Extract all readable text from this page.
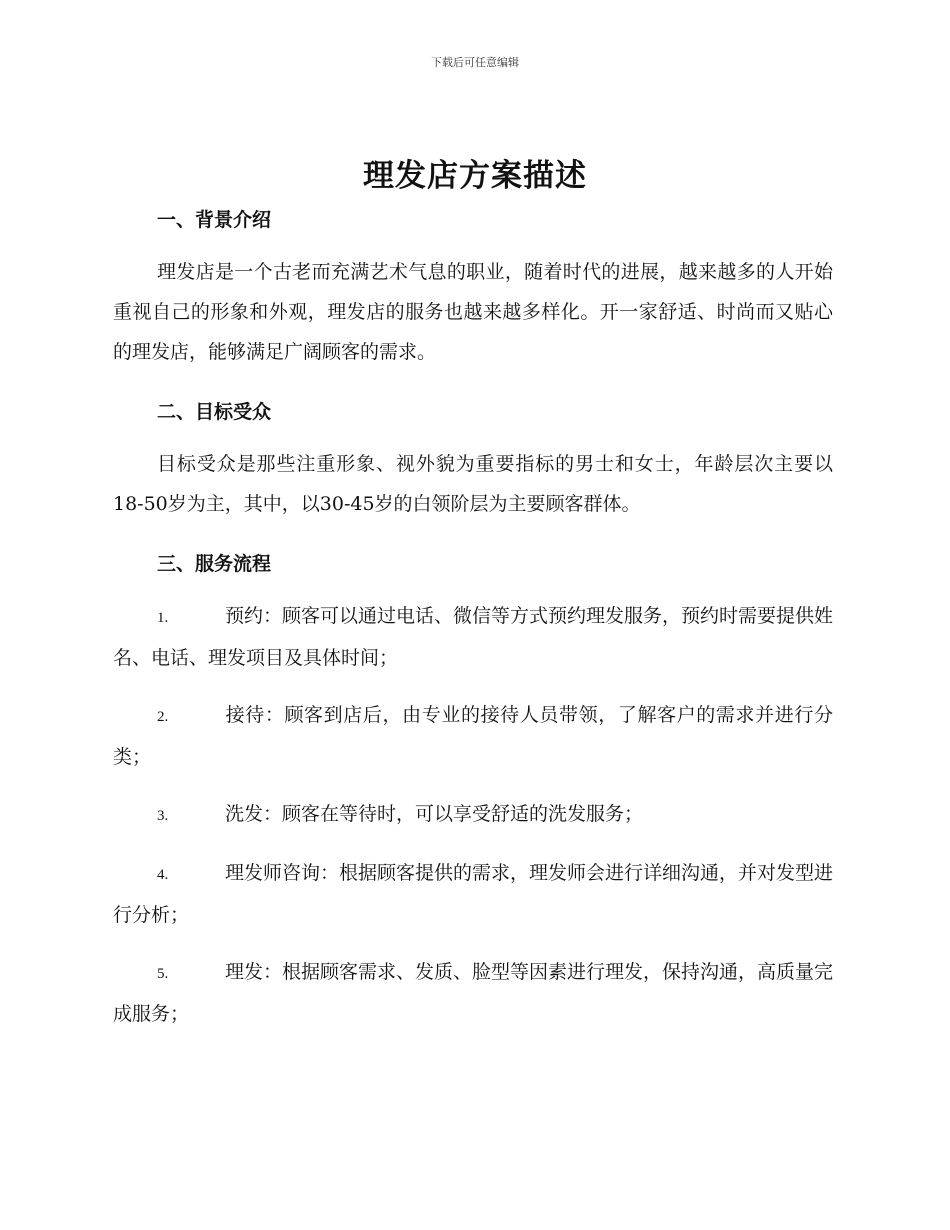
下载后可任意编辑
理发店方案描述
一、背景介绍

理发店是一个古老而充满艺术气息的职业，随着时代的进展，越来越多的人开始重视自己的形象和外观，理发店的服务也越来越多样化。开一家舒适、时尚而又贴心的理发店，能够满足广阔顾客的需求。

二、目标受众

目标受众是那些注重形象、视外貌为重要指标的男士和女士，年龄层次主要以18-50岁为主，其中，以30-45岁的白领阶层为主要顾客群体。

三、服务流程
1.	预约：顾客可以通过电话、微信等方式预约理发服务，预约时需要提供姓名、电话、理发项目及具体时间；
2.	接待：顾客到店后，由专业的接待人员带领，了解客户的需求并进行分类；
3.	洗发：顾客在等待时，可以享受舒适的洗发服务；
4.	理发师咨询：根据顾客提供的需求，理发师会进行详细沟通，并对发型进行分析；
5.	理发：根据顾客需求、发质、脸型等因素进行理发，保持沟通，高质量完成服务；
